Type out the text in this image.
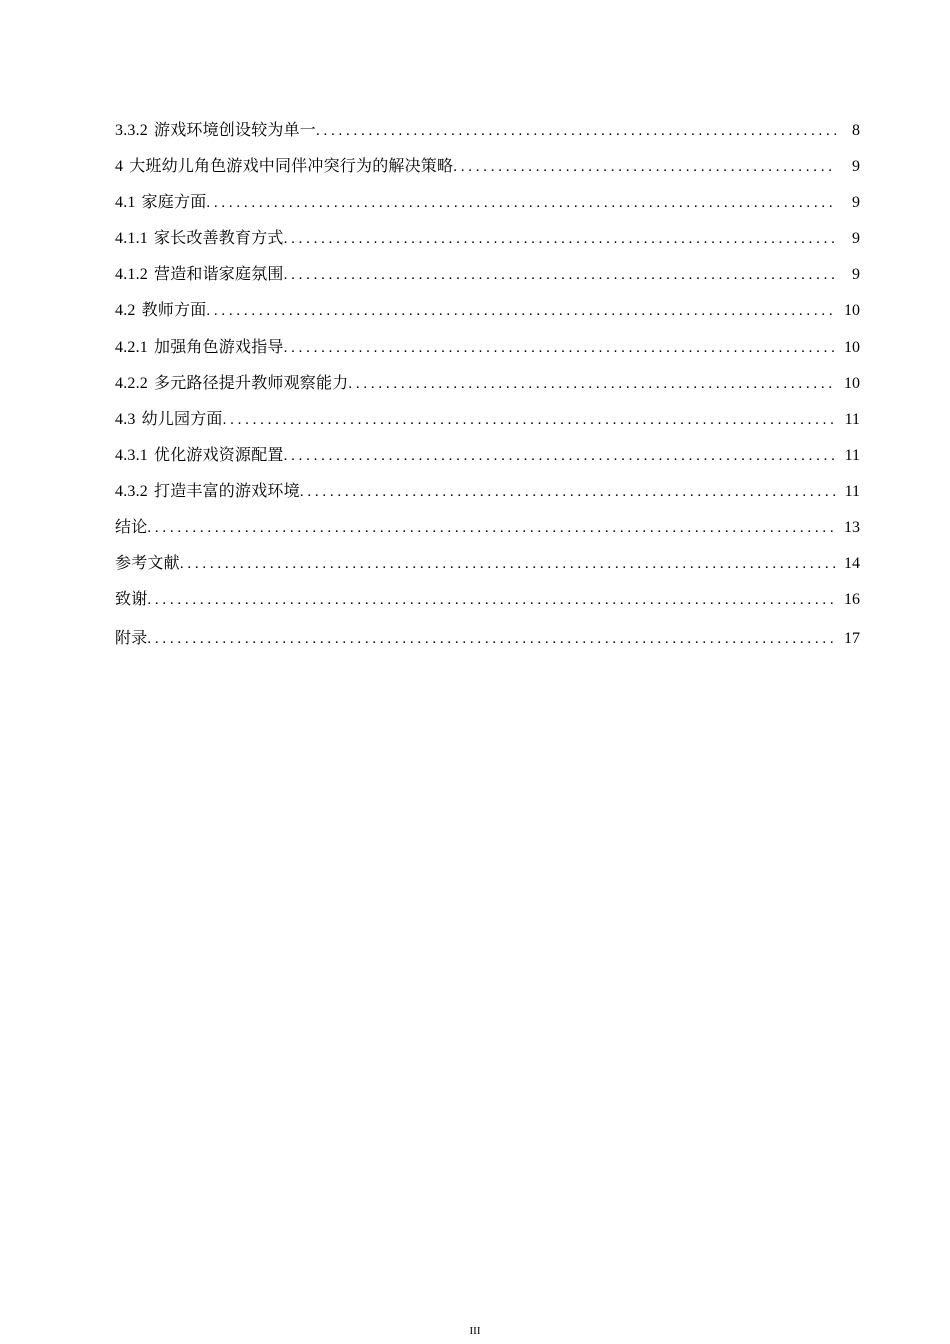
3.3.2 游戏环境创设较为单一 . . .	8
4 大班幼儿角色游戏中同伴冲突行为的解决策略 . . .	9
4.1 家庭方面 . . .	9
4.1.1 家长改善教育方式 . . .	9
4.1.2 营造和谐家庭氛围 . . .	9
4.2 教师方面 . . .	10
4.2.1 加强角色游戏指导 . . .	10
4.2.2 多元路径提升教师观察能力 . . .	10
4.3 幼儿园方面 . . .	11
4.3.1 优化游戏资源配置 . . .	11
4.3.2 打造丰富的游戏环境 . . .	11
结论 . . .	13
参考文献 . . .	14
致谢 . . .	16
附录 . . .	17
III
